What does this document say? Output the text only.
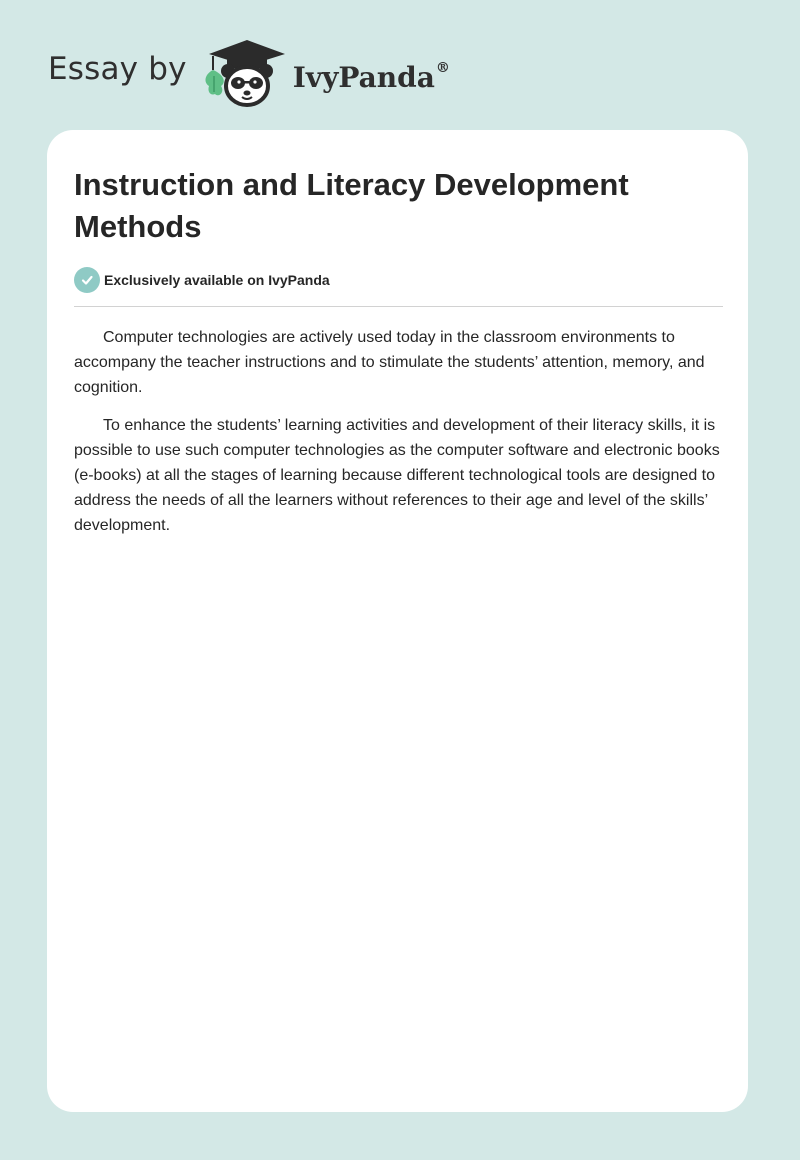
Essay by	IvyPanda®
Instruction and Literacy Development Methods
Exclusively available on IvyPanda

Computer technologies are actively used today in the classroom environments to accompany the teacher instructions and to stimulate the students’ attention, memory, and cognition.

To enhance the students’ learning activities and development of their literacy skills, it is possible to use such computer technologies as the computer software and electronic books (e-books) at all the stages of learning because different technological tools are designed to address the needs of all the learners without references to their age and level of the skills’ development.
